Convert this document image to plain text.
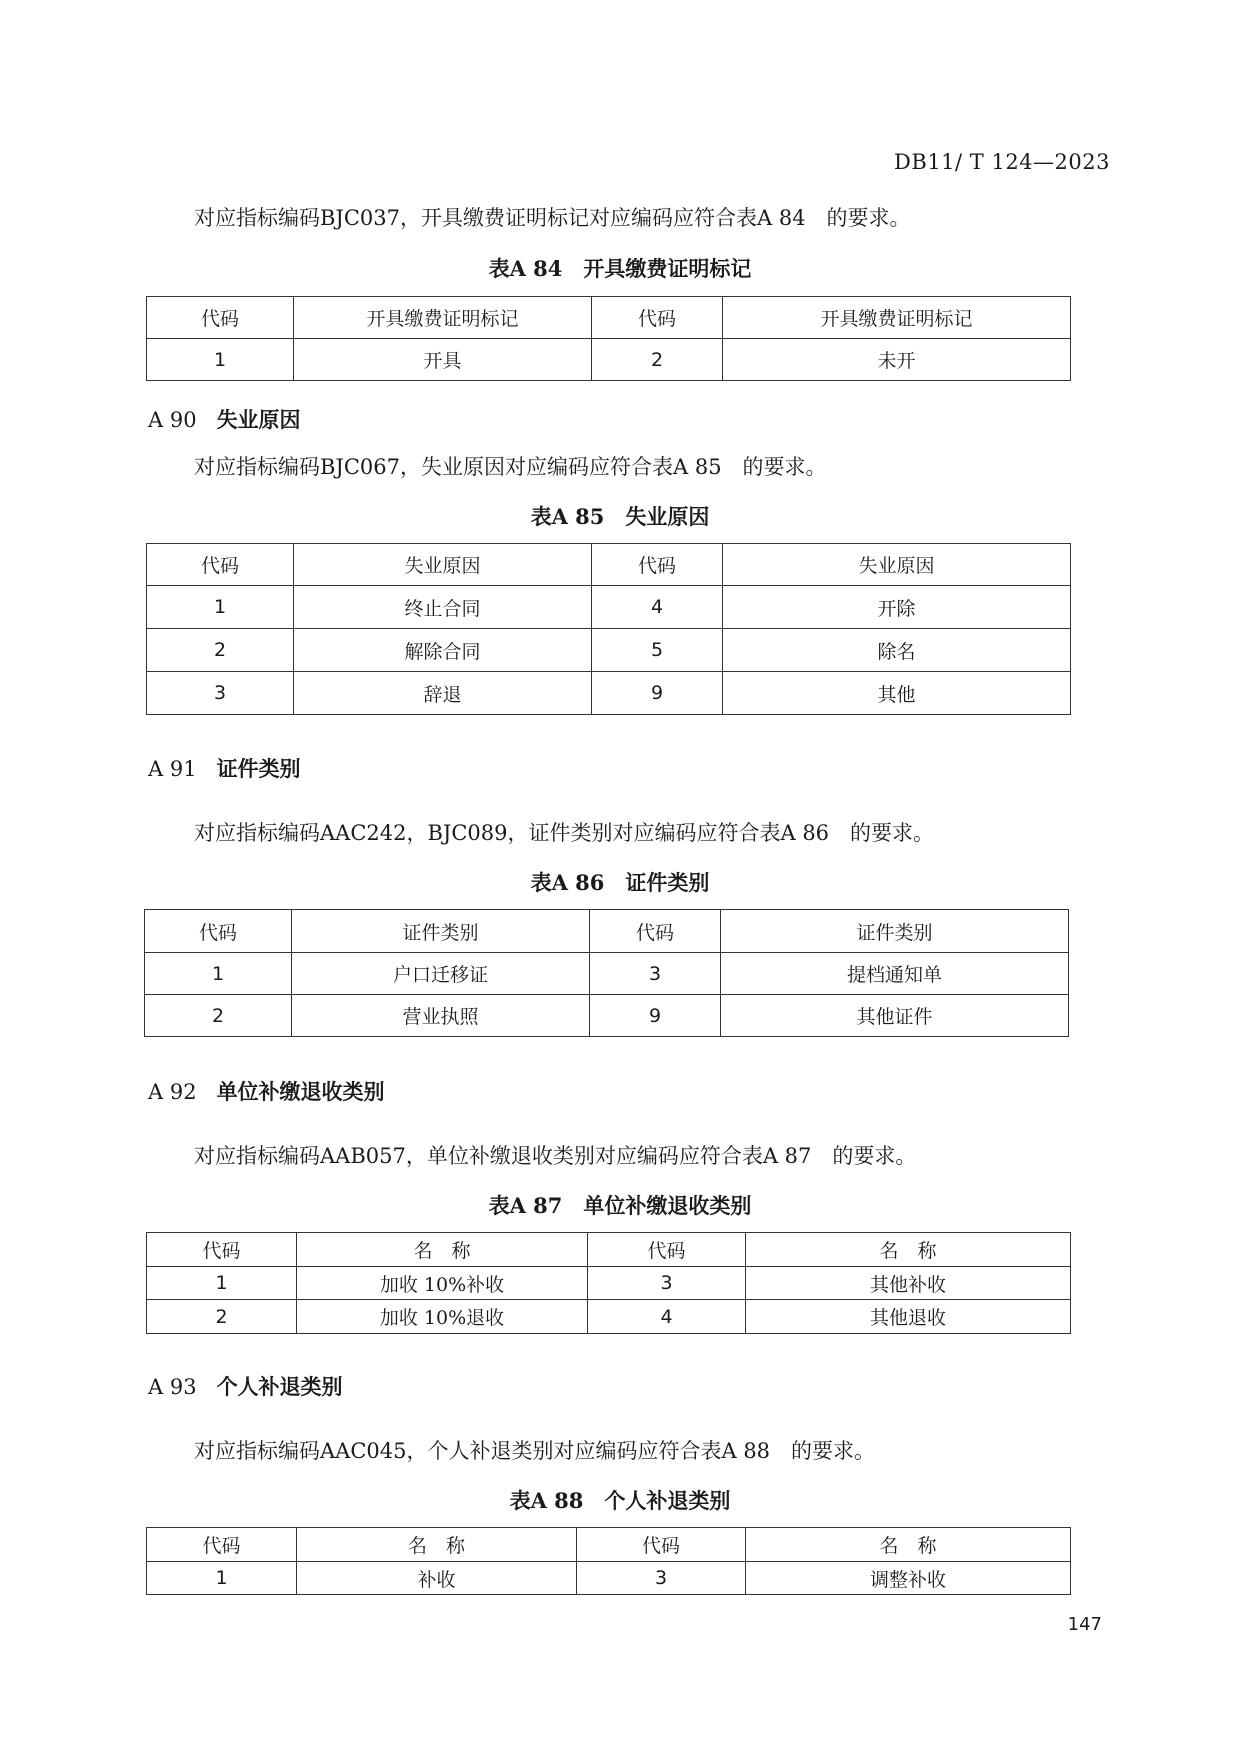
DB11/ T 124—2023
对应指标编码BJC037，开具缴费证明标记对应编码应符合表A 84　的要求。
表A 84　开具缴费证明标记
代码	开具缴费证明标记	代码	开具缴费证明标记
1	开具	2	未开
A 90 失业原因
对应指标编码BJC067，失业原因对应编码应符合表A 85　的要求。
表A 85　失业原因
代码	失业原因	代码	失业原因
1	终止合同	4	开除
2	解除合同	5	除名
3	辞退	9	其他
A 91 证件类别
对应指标编码AAC242，BJC089，证件类别对应编码应符合表A 86　的要求。
表A 86　证件类别
代码	证件类别	代码	证件类别
1	户口迁移证	3	提档通知单
2	营业执照	9	其他证件
A 92 单位补缴退收类别
对应指标编码AAB057，单位补缴退收类别对应编码应符合表A 87　的要求。
表A 87　单位补缴退收类别
代码	名　称	代码	名　称
1	加收 10%补收	3	其他补收
2	加收 10%退收	4	其他退收
A 93 个人补退类别
对应指标编码AAC045，个人补退类别对应编码应符合表A 88　的要求。
表A 88　个人补退类别
代码	名　称	代码	名　称
1	补收	3	调整补收
147
